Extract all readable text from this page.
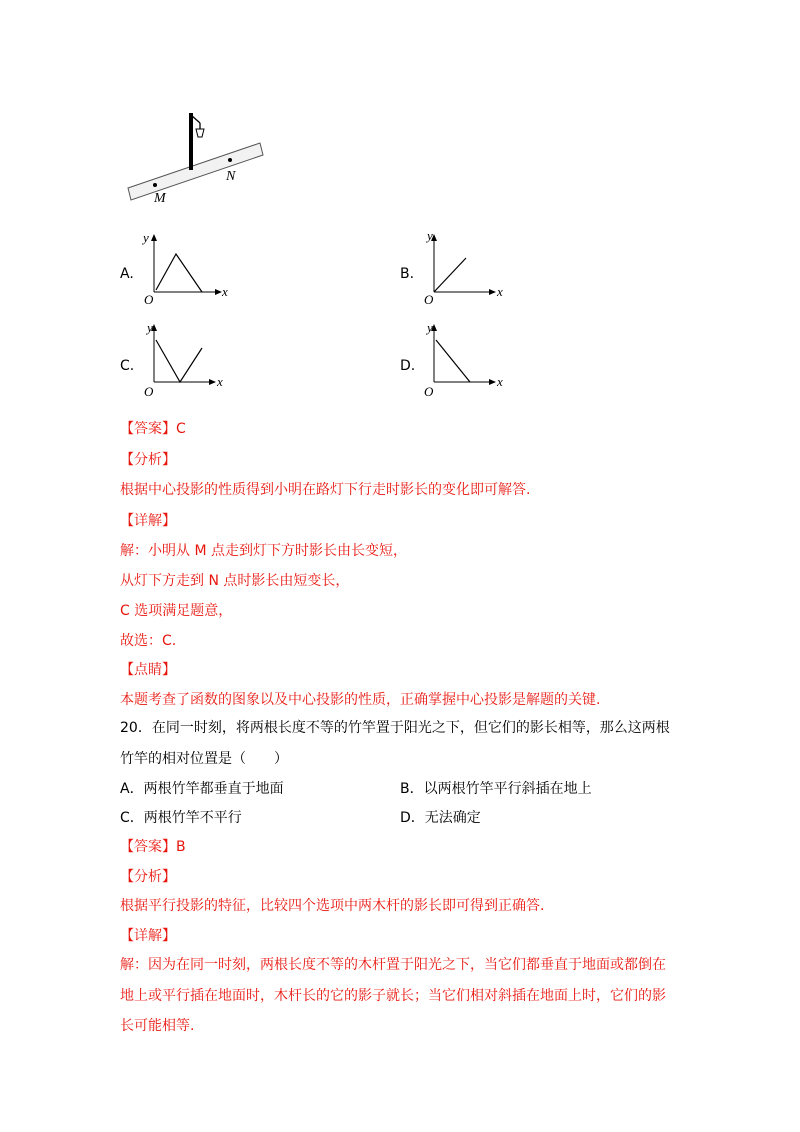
M
N
A.
y
x
O
B.
y
x
O
C.
y
x
O
D.
y
x
O
【答案】C
【分析】
根据中心投影的性质得到小明在路灯下行走时影长的变化即可解答.
【详解】
解：小明从 M 点走到灯下方时影长由长变短，
从灯下方走到 N 点时影长由短变长，
C 选项满足题意，
故选：C.
【点睛】
本题考查了函数的图象以及中心投影的性质，正确掌握中心投影是解题的关键.
20．在同一时刻，将两根长度不等的竹竿置于阳光之下，但它们的影长相等，那么这两根
竹竿的相对位置是（　　）
A．两根竹竿都垂直于地面	B．以两根竹竿平行斜插在地上
C．两根竹竿不平行	D．无法确定
【答案】B
【分析】
根据平行投影的特征，比较四个选项中两木杆的影长即可得到正确答.
【详解】
解：因为在同一时刻，两根长度不等的木杆置于阳光之下，当它们都垂直于地面或都倒在
地上或平行插在地面时，木杆长的它的影子就长；当它们相对斜插在地面上时，它们的影
长可能相等.
